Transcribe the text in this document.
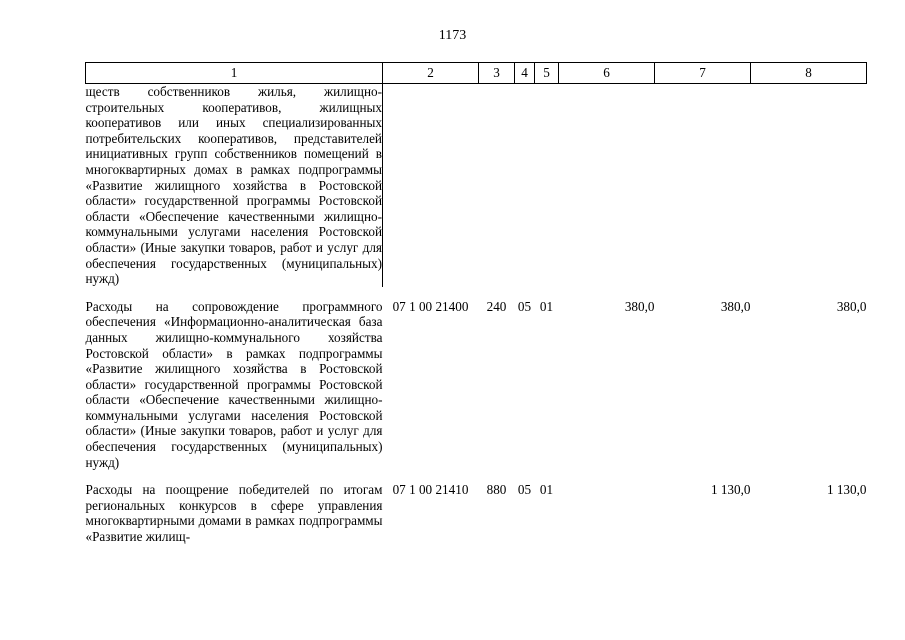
1173
1	2	3	4	5	6	7	8
ществ собственников жилья, жилищно-строительных кооперативов, жилищных кооперативов или иных специализированных потребительских кооперативов, представителей инициативных групп собственников помещений в многоквартирных домах в рамках подпрограммы «Развитие жилищного хозяйства в Ростовской области» государственной программы Ростовской области «Обеспечение качественными жилищно-коммунальными услугами населения Ростовской области» (Иные закупки товаров, работ и услуг для обеспечения государственных (муниципальных) нужд)							

Расходы на сопровождение программного обеспечения «Информационно-аналитическая база данных жилищно-коммунального хозяйства Ростовской области» в рамках подпрограммы «Развитие жилищного хозяйства в Ростовской области» государственной программы Ростовской области «Обеспечение качественными жилищно-коммунальными услугами населения Ростовской области» (Иные закупки товаров, работ и услуг для обеспечения государственных (муниципальных) нужд)	07 1 00 21400	240	05	01	380,0	380,0	380,0

Расходы на поощрение победителей по итогам региональных конкурсов в сфере управления многоквартирными домами в рамках подпрограммы «Развитие жилищ-	07 1 00 21410	880	05	01		1 130,0	1 130,0
